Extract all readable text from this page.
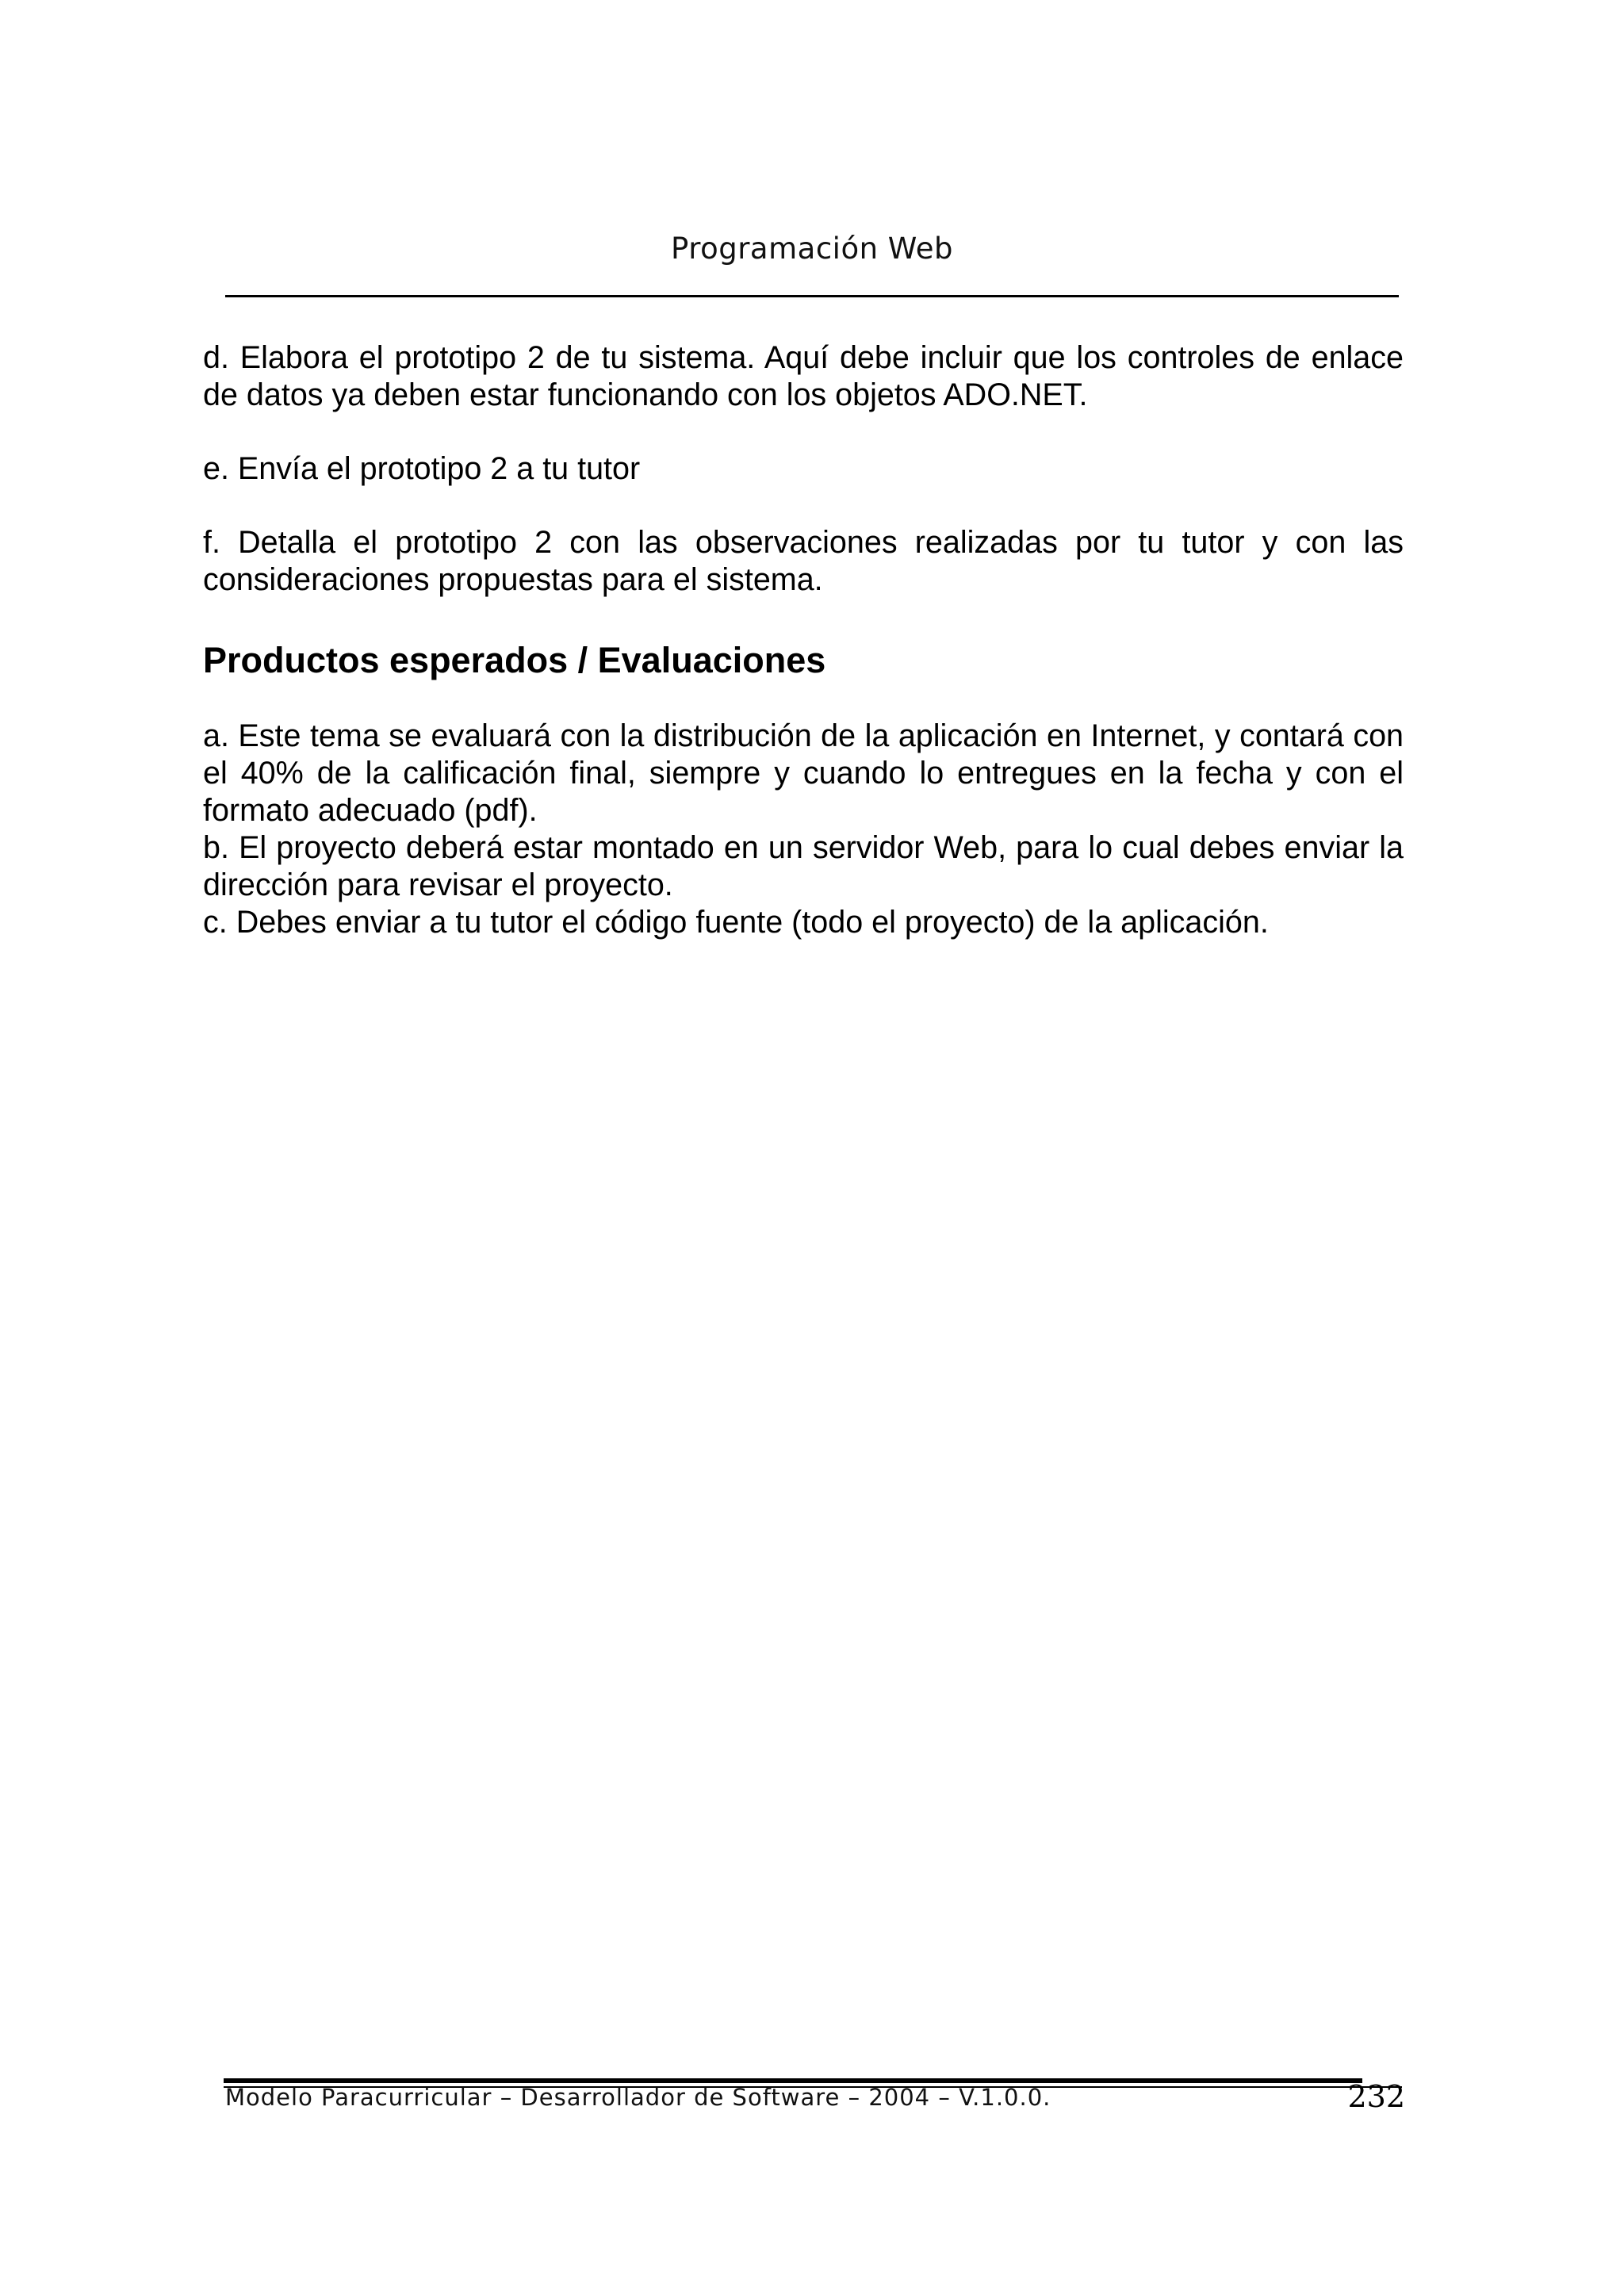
Programación Web

d. Elabora el prototipo 2 de tu sistema. Aquí debe incluir que los controles de enlace de datos ya deben estar funcionando con los objetos ADO.NET.

e. Envía el prototipo 2 a tu tutor

f. Detalla el prototipo 2 con las observaciones realizadas por tu tutor y con las consideraciones propuestas para el sistema.

Productos esperados / Evaluaciones

a. Este tema se evaluará con la distribución de la aplicación en Internet, y contará con el 40% de la calificación final, siempre y cuando lo entregues en la fecha y con el formato adecuado (pdf).

b. El proyecto deberá estar montado en un servidor Web, para lo cual debes enviar la dirección para revisar el proyecto.

c. Debes enviar a tu tutor el código fuente (todo el proyecto) de la aplicación.

Modelo Paracurricular – Desarrollador de Software – 2004 – V.1.0.0.	232
